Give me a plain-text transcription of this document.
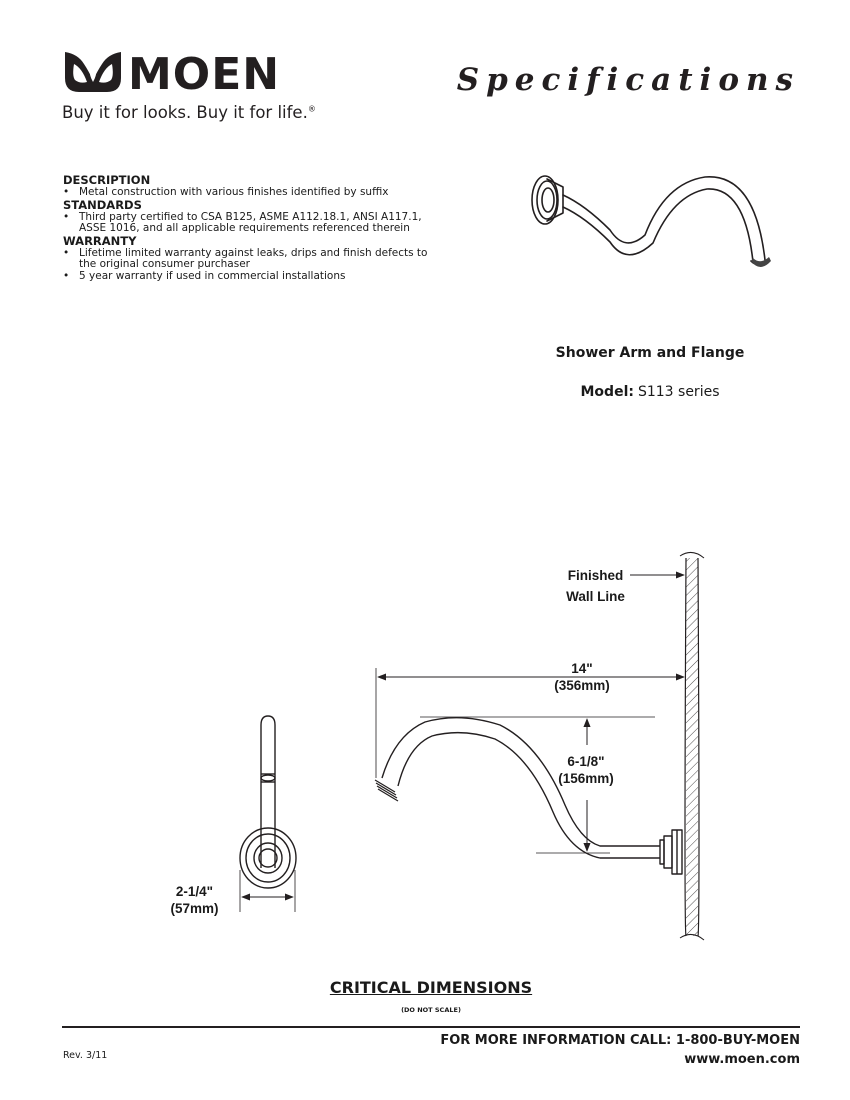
MOEN
Buy it for looks. Buy it for life.®
Specifications
DESCRIPTION
• Metal construction with various finishes identified by suffix
STANDARDS
• Third party certified to CSA B125, ASME A112.18.1, ANSI A117.1, ASSE 1016, and all applicable requirements referenced therein
WARRANTY
• Lifetime limited warranty against leaks, drips and finish defects to the original consumer purchaser
• 5 year warranty if used in commercial installations
Shower Arm and Flange
Model: S113 series
Finished
Wall Line
14"
(356mm)
6-1/8"
(156mm)
2-1/4"
(57mm)
CRITICAL DIMENSIONS
(DO NOT SCALE)
Rev. 3/11
FOR MORE INFORMATION CALL: 1-800-BUY-MOEN
www.moen.com
